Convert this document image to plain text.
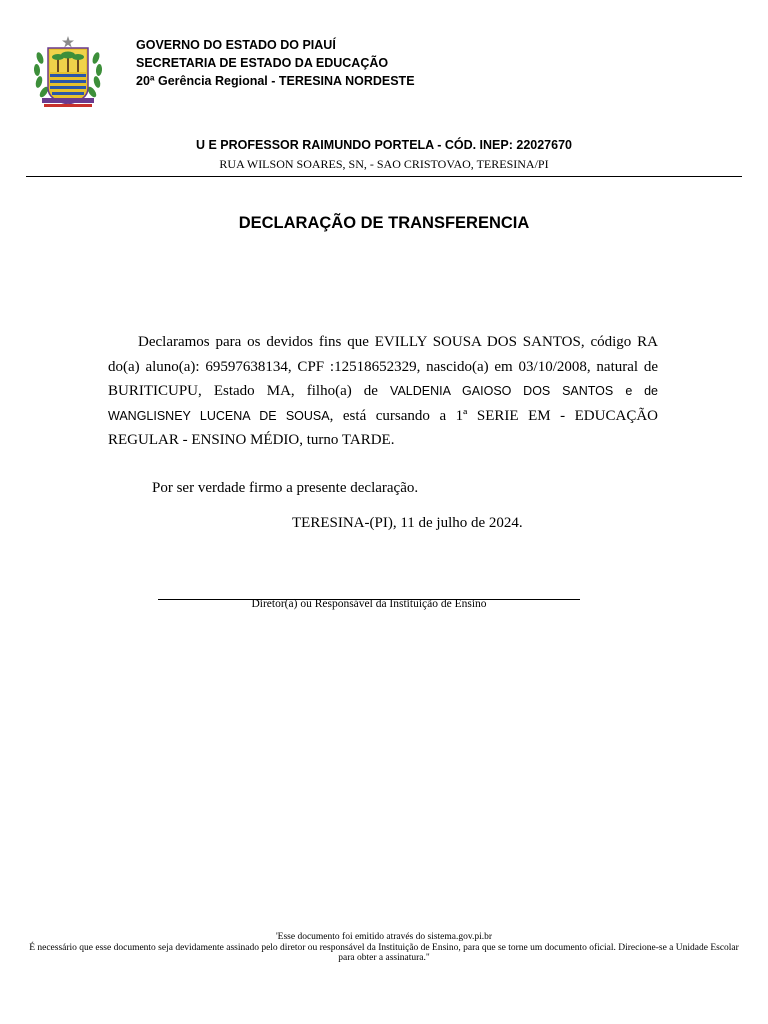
GOVERNO DO ESTADO DO PIAUÍ
SECRETARIA DE ESTADO DA EDUCAÇÃO
20ª Gerência Regional - TERESINA NORDESTE
U E PROFESSOR RAIMUNDO PORTELA - CÓD. INEP: 22027670
RUA WILSON SOARES, SN, - SAO CRISTOVAO, TERESINA/PI
DECLARAÇÃO DE TRANSFERENCIA
Declaramos para os devidos fins que EVILLY SOUSA DOS SANTOS, código RA do(a) aluno(a): 69597638134, CPF :12518652329, nascido(a) em 03/10/2008, natural de BURITICUPU, Estado MA, filho(a) de VALDENIA GAIOSO DOS SANTOS e de WANGLISNEY LUCENA DE SOUSA, está cursando a 1ª SERIE EM - EDUCAÇÃO REGULAR - ENSINO MÉDIO, turno TARDE.
Por ser verdade firmo a presente declaração.
TERESINA-(PI), 11 de julho de 2024.
Diretor(a) ou Responsável da Instituição de Ensino
'Esse documento foi emitido através do sistema.gov.pi.br
É necessário que esse documento seja devidamente assinado pelo diretor ou responsável da Instituição de Ensino, para que se torne um documento oficial. Direcione-se a Unidade Escolar para obter a assinatura."
